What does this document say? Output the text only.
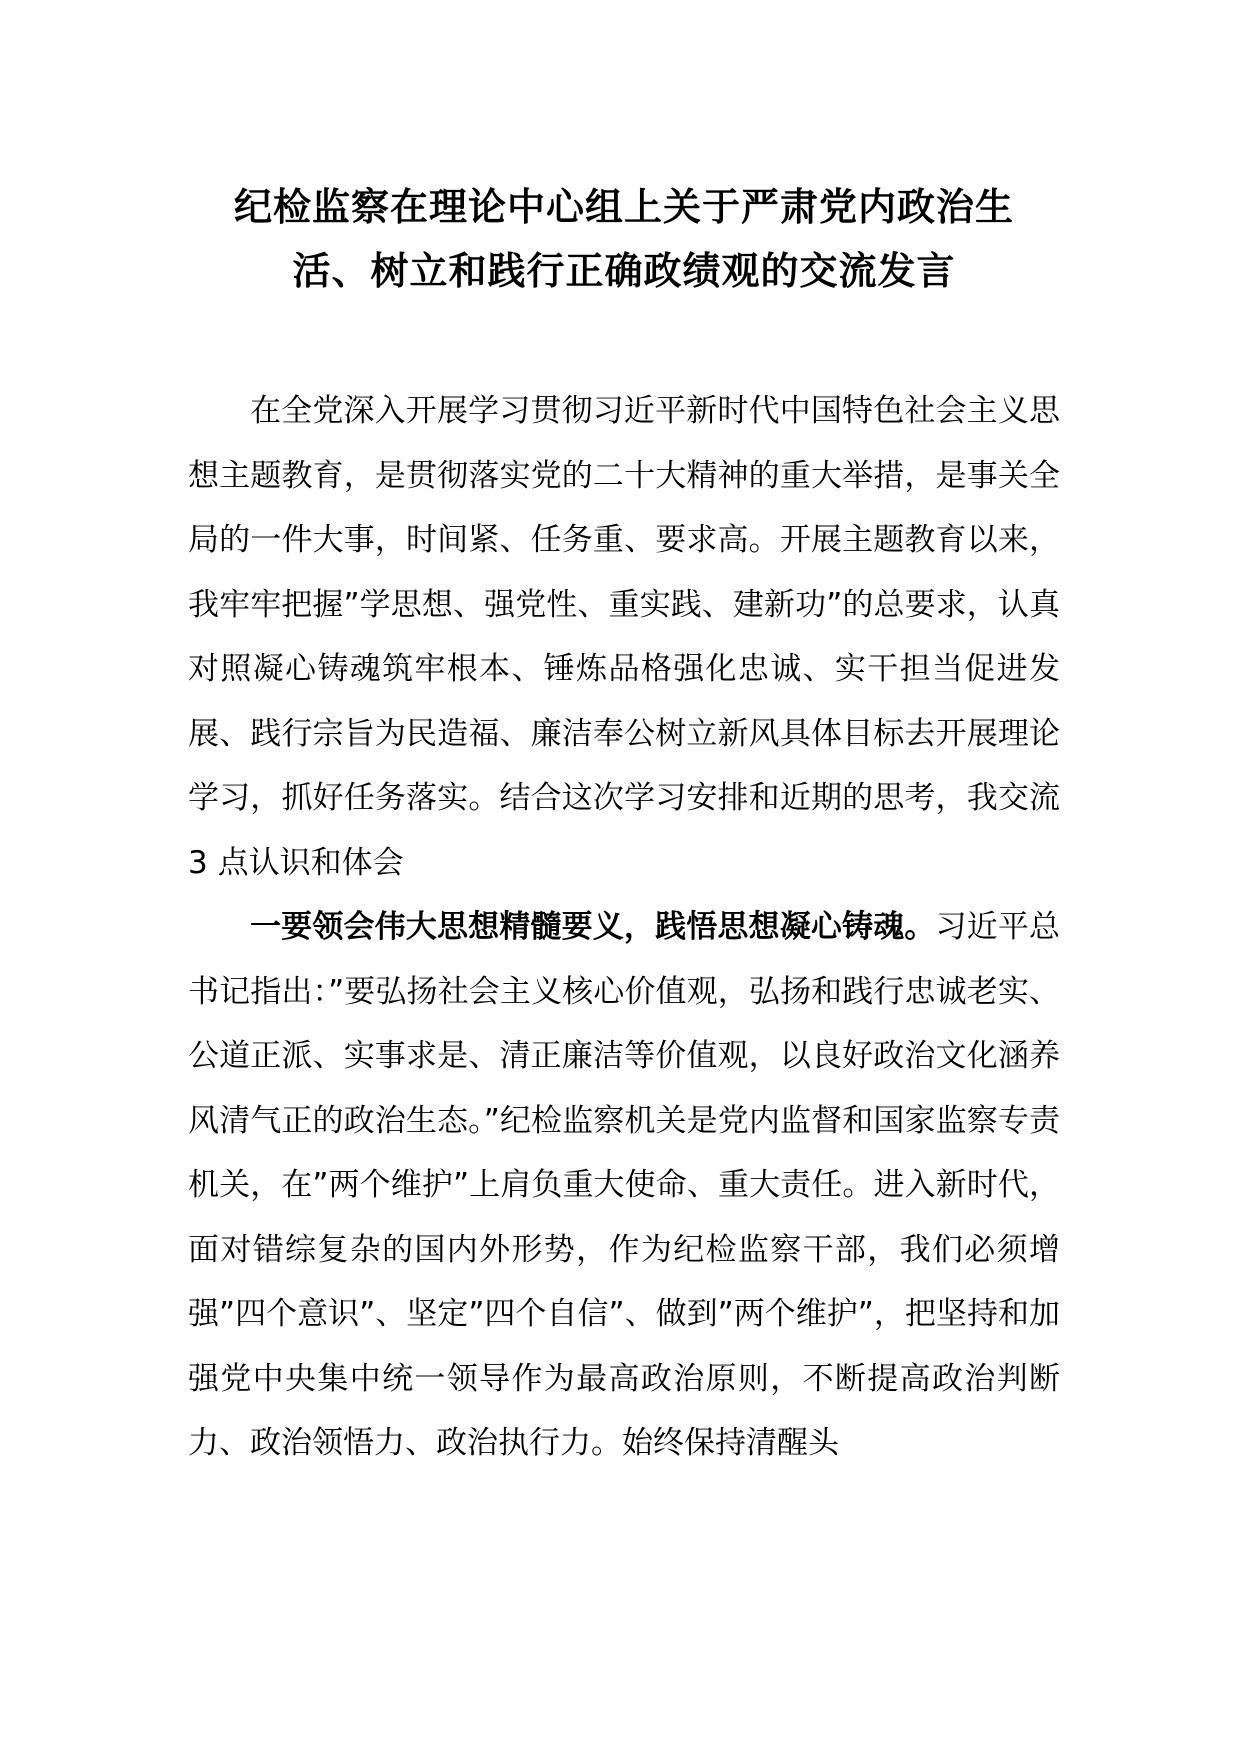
纪检监察在理论中心组上关于严肃党内政治生
活、树立和践行正确政绩观的交流发言

在全党深入开展学习贯彻习近平新时代中国特色社会主义思想主题教育，是贯彻落实党的二十大精神的重大举措，是事关全局的一件大事，时间紧、任务重、要求高。开展主题教育以来，我牢牢把握”学思想、强党性、重实践、建新功”的总要求，认真对照凝心铸魂筑牢根本、锤炼品格强化忠诚、实干担当促进发展、践行宗旨为民造福、廉洁奉公树立新风具体目标去开展理论学习，抓好任务落实。结合这次学习安排和近期的思考，我交流 3 点认识和体会

一要领会伟大思想精髓要义，践悟思想凝心铸魂。习近平总书记指出：”要弘扬社会主义核心价值观，弘扬和践行忠诚老实、公道正派、实事求是、清正廉洁等价值观，以良好政治文化涵养风清气正的政治生态。”纪检监察机关是党内监督和国家监察专责机关，在”两个维护”上肩负重大使命、重大责任。进入新时代，面对错综复杂的国内外形势，作为纪检监察干部，我们必须增强”四个意识”、坚定”四个自信”、做到”两个维护”，把坚持和加强党中央集中统一领导作为最高政治原则，不断提高政治判断力、政治领悟力、政治执行力。始终保持清醒头
